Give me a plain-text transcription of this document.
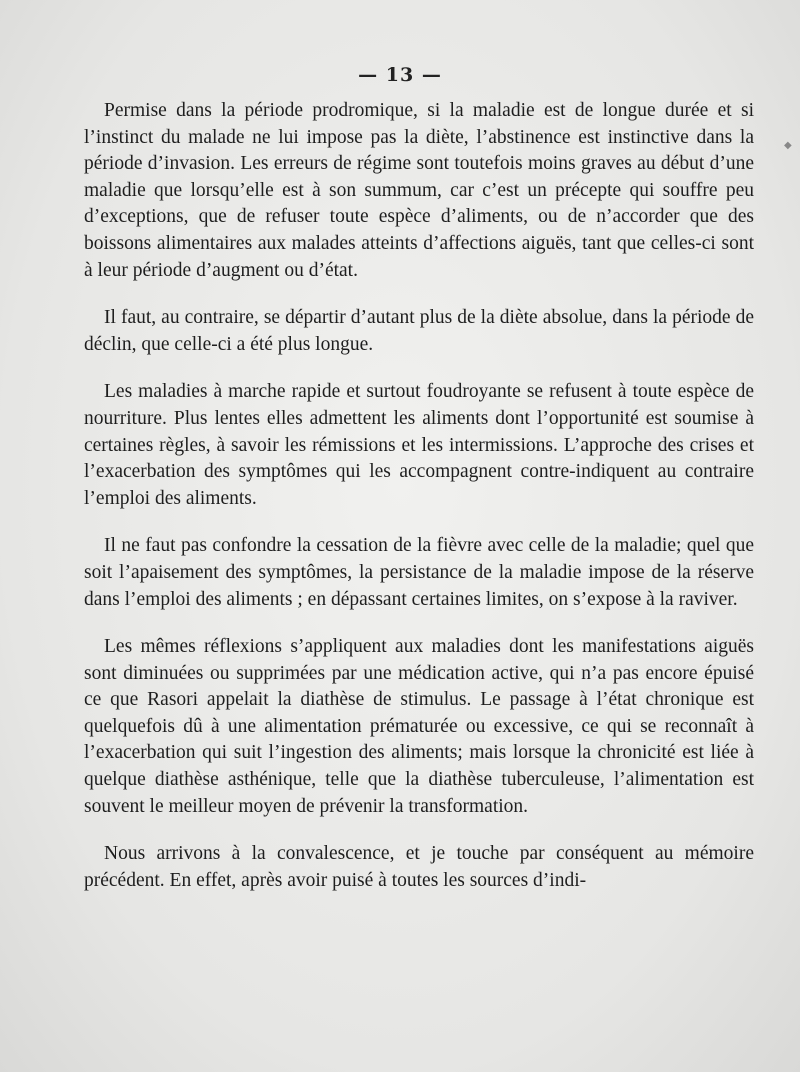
— 13 —
◆

Permise dans la période prodromique, si la maladie est de longue durée et si l’instinct du malade ne lui impose pas la diète, l’abstinence est instinctive dans la période d’invasion. Les erreurs de régime sont toutefois moins graves au début d’une maladie que lorsqu’elle est à son summum, car c’est un précepte qui souffre peu d’exceptions, que de refuser toute espèce d’aliments, ou de n’accorder que des boissons alimentaires aux malades atteints d’affections aiguës, tant que celles-ci sont à leur période d’augment ou d’état.

Il faut, au contraire, se départir d’autant plus de la diète absolue, dans la période de déclin, que celle-ci a été plus longue.

Les maladies à marche rapide et surtout foudroyante se refusent à toute espèce de nourriture. Plus lentes elles admettent les aliments dont l’opportunité est soumise à certaines règles, à savoir les rémissions et les intermissions. L’approche des crises et l’exacerbation des symptômes qui les accompagnent contre-indiquent au contraire l’emploi des aliments.

Il ne faut pas confondre la cessation de la fièvre avec celle de la maladie; quel que soit l’apaisement des symptômes, la persistance de la maladie impose de la réserve dans l’emploi des aliments ; en dépassant certaines limites, on s’expose à la raviver.

Les mêmes réflexions s’appliquent aux maladies dont les manifestations aiguës sont diminuées ou supprimées par une médication active, qui n’a pas encore épuisé ce que Rasori appelait la diathèse de stimulus. Le passage à l’état chronique est quelquefois dû à une alimentation prématurée ou excessive, ce qui se reconnaît à l’exacerbation qui suit l’ingestion des aliments; mais lorsque la chronicité est liée à quelque diathèse asthénique, telle que la diathèse tuberculeuse, l’alimentation est souvent le meilleur moyen de prévenir la transformation.

Nous arrivons à la convalescence, et je touche par conséquent au mémoire précédent. En effet, après avoir puisé à toutes les sources d’indi-
